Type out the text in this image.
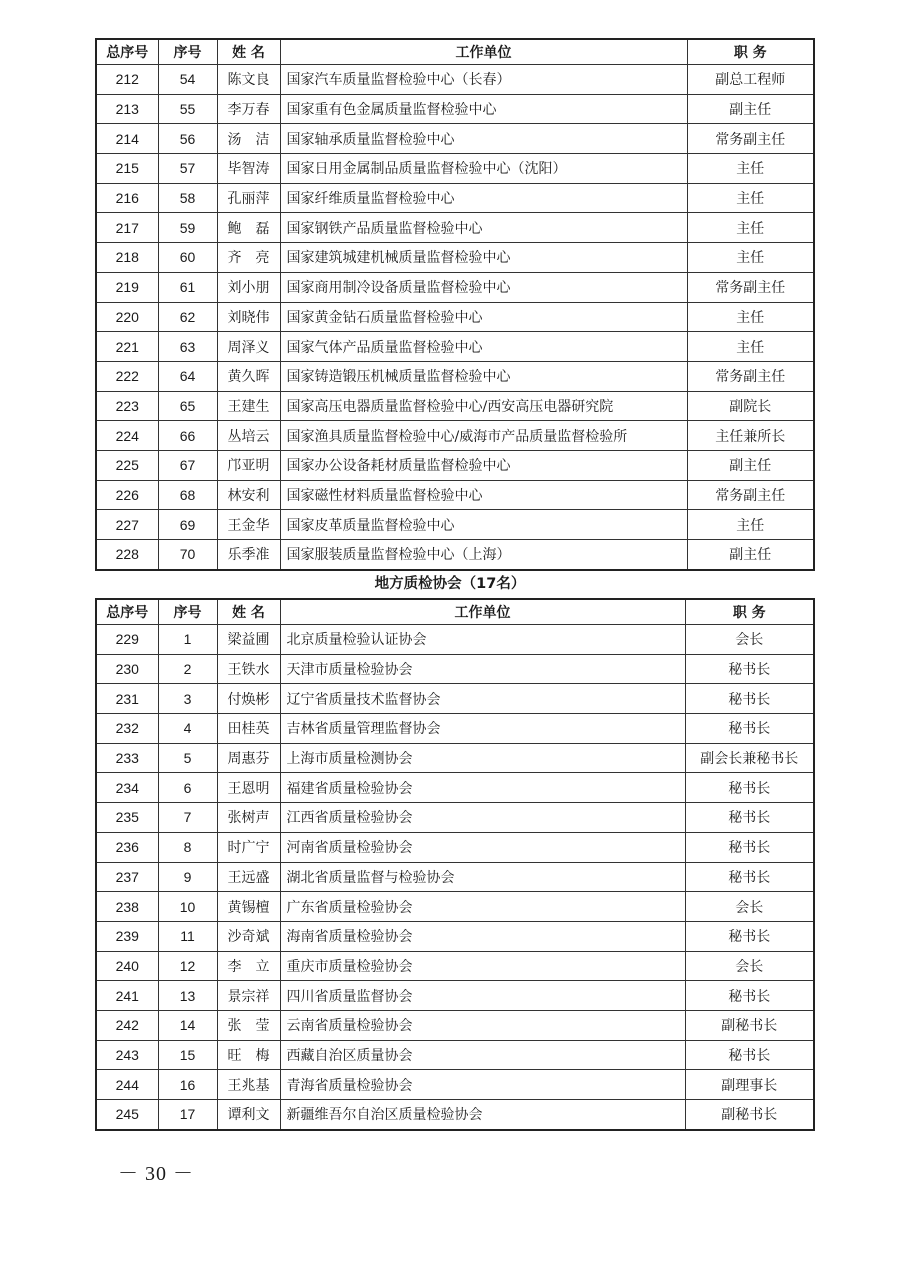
总序号	序号	姓 名	工作单位	职 务
212	54	陈文良	国家汽车质量监督检验中心（长春）	副总工程师
213	55	李万春	国家重有色金属质量监督检验中心	副主任
214	56	汤　洁	国家轴承质量监督检验中心	常务副主任
215	57	毕智涛	国家日用金属制品质量监督检验中心（沈阳）	主任
216	58	孔丽萍	国家纤维质量监督检验中心	主任
217	59	鲍　磊	国家钢铁产品质量监督检验中心	主任
218	60	齐　亮	国家建筑城建机械质量监督检验中心	主任
219	61	刘小朋	国家商用制冷设备质量监督检验中心	常务副主任
220	62	刘晓伟	国家黄金钻石质量监督检验中心	主任
221	63	周泽义	国家气体产品质量监督检验中心	主任
222	64	黄久晖	国家铸造锻压机械质量监督检验中心	常务副主任
223	65	王建生	国家高压电器质量监督检验中心/西安高压电器研究院	副院长
224	66	丛培云	国家渔具质量监督检验中心/威海市产品质量监督检验所	主任兼所长
225	67	邝亚明	国家办公设备耗材质量监督检验中心	副主任
226	68	林安利	国家磁性材料质量监督检验中心	常务副主任
227	69	王金华	国家皮革质量监督检验中心	主任
228	70	乐季准	国家服装质量监督检验中心（上海）	副主任
地方质检协会（17名）
总序号	序号	姓 名	工作单位	职 务
229	1	梁益圃	北京质量检验认证协会	会长
230	2	王铁水	天津市质量检验协会	秘书长
231	3	付焕彬	辽宁省质量技术监督协会	秘书长
232	4	田桂英	吉林省质量管理监督协会	秘书长
233	5	周惠芬	上海市质量检测协会	副会长兼秘书长
234	6	王恩明	福建省质量检验协会	秘书长
235	7	张树声	江西省质量检验协会	秘书长
236	8	时广宁	河南省质量检验协会	秘书长
237	9	王远盛	湖北省质量监督与检验协会	秘书长
238	10	黄锡檀	广东省质量检验协会	会长
239	11	沙奇斌	海南省质量检验协会	秘书长
240	12	李　立	重庆市质量检验协会	会长
241	13	景宗祥	四川省质量监督协会	秘书长
242	14	张　莹	云南省质量检验协会	副秘书长
243	15	旺　梅	西藏自治区质量协会	秘书长
244	16	王兆基	青海省质量检验协会	副理事长
245	17	谭利文	新疆维吾尔自治区质量检验协会	副秘书长
－ 30 －
